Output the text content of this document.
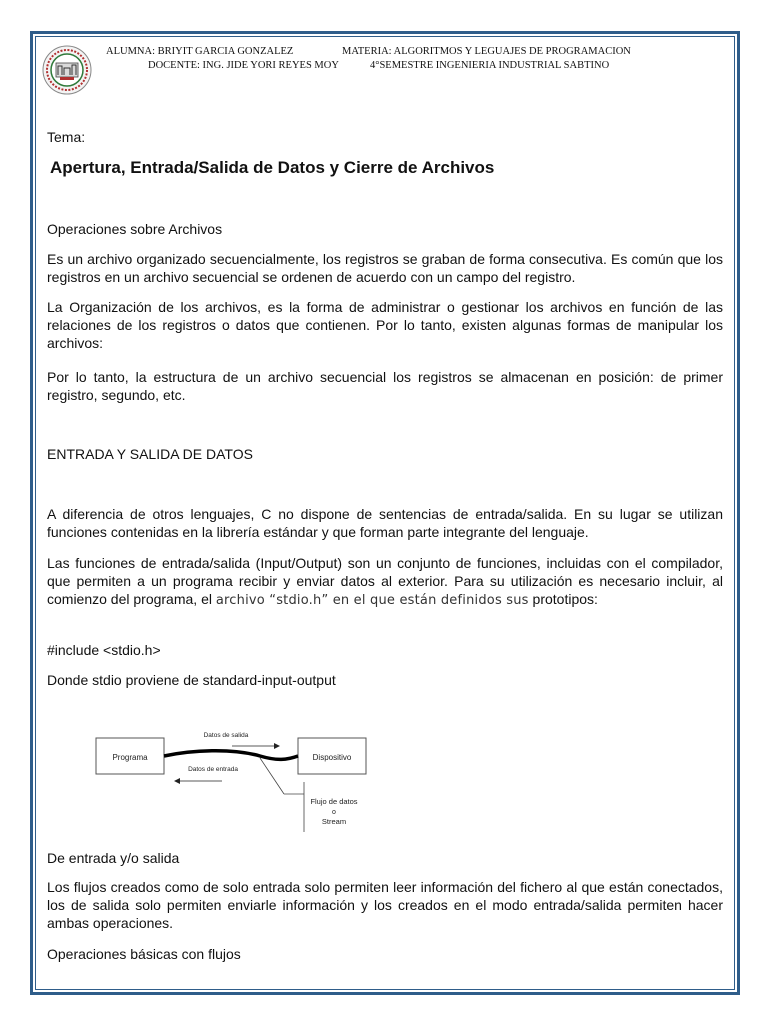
ALUMNA: BRIYIT GARCIA GONZALEZ	MATERIA: ALGORITMOS Y LEGUAJES DE PROGRAMACION
DOCENTE: ING. JIDE YORI REYES MOY	4°SEMESTRE INGENIERIA INDUSTRIAL SABTINO
Tema:
Apertura, Entrada/Salida de Datos y Cierre de Archivos
Operaciones sobre Archivos
Es un archivo organizado secuencialmente, los registros se graban de forma consecutiva. Es común que los registros en un archivo secuencial se ordenen de acuerdo con un campo del registro.
La Organización de los archivos, es la forma de administrar o gestionar los archivos en función de las relaciones de los registros o datos que contienen. Por lo tanto, existen algunas formas de manipular los archivos:
Por lo tanto, la estructura de un archivo secuencial los registros se almacenan en posición: de primer registro, segundo, etc.
ENTRADA Y SALIDA DE DATOS
A diferencia de otros lenguajes, C no dispone de sentencias de entrada/salida. En su lugar se utilizan funciones contenidas en la librería estándar y que forman parte integrante del lenguaje.
Las funciones de entrada/salida (Input/Output) son un conjunto de funciones, incluidas con el compilador, que permiten a un programa recibir y enviar datos al exterior. Para su utilización es necesario incluir, al comienzo del programa, el archivo “stdio.h” en el que están definidos sus prototipos:
#include <stdio.h>
Donde stdio proviene de standard-input-output
Programa	Dispositivo
Datos de salida
Datos de entrada
Flujo de datos
o
Stream
De entrada y/o salida
Los flujos creados como de solo entrada solo permiten leer información del fichero al que están conectados, los de salida solo permiten enviarle información y los creados en el modo entrada/salida permiten hacer ambas operaciones.
Operaciones básicas con flujos
